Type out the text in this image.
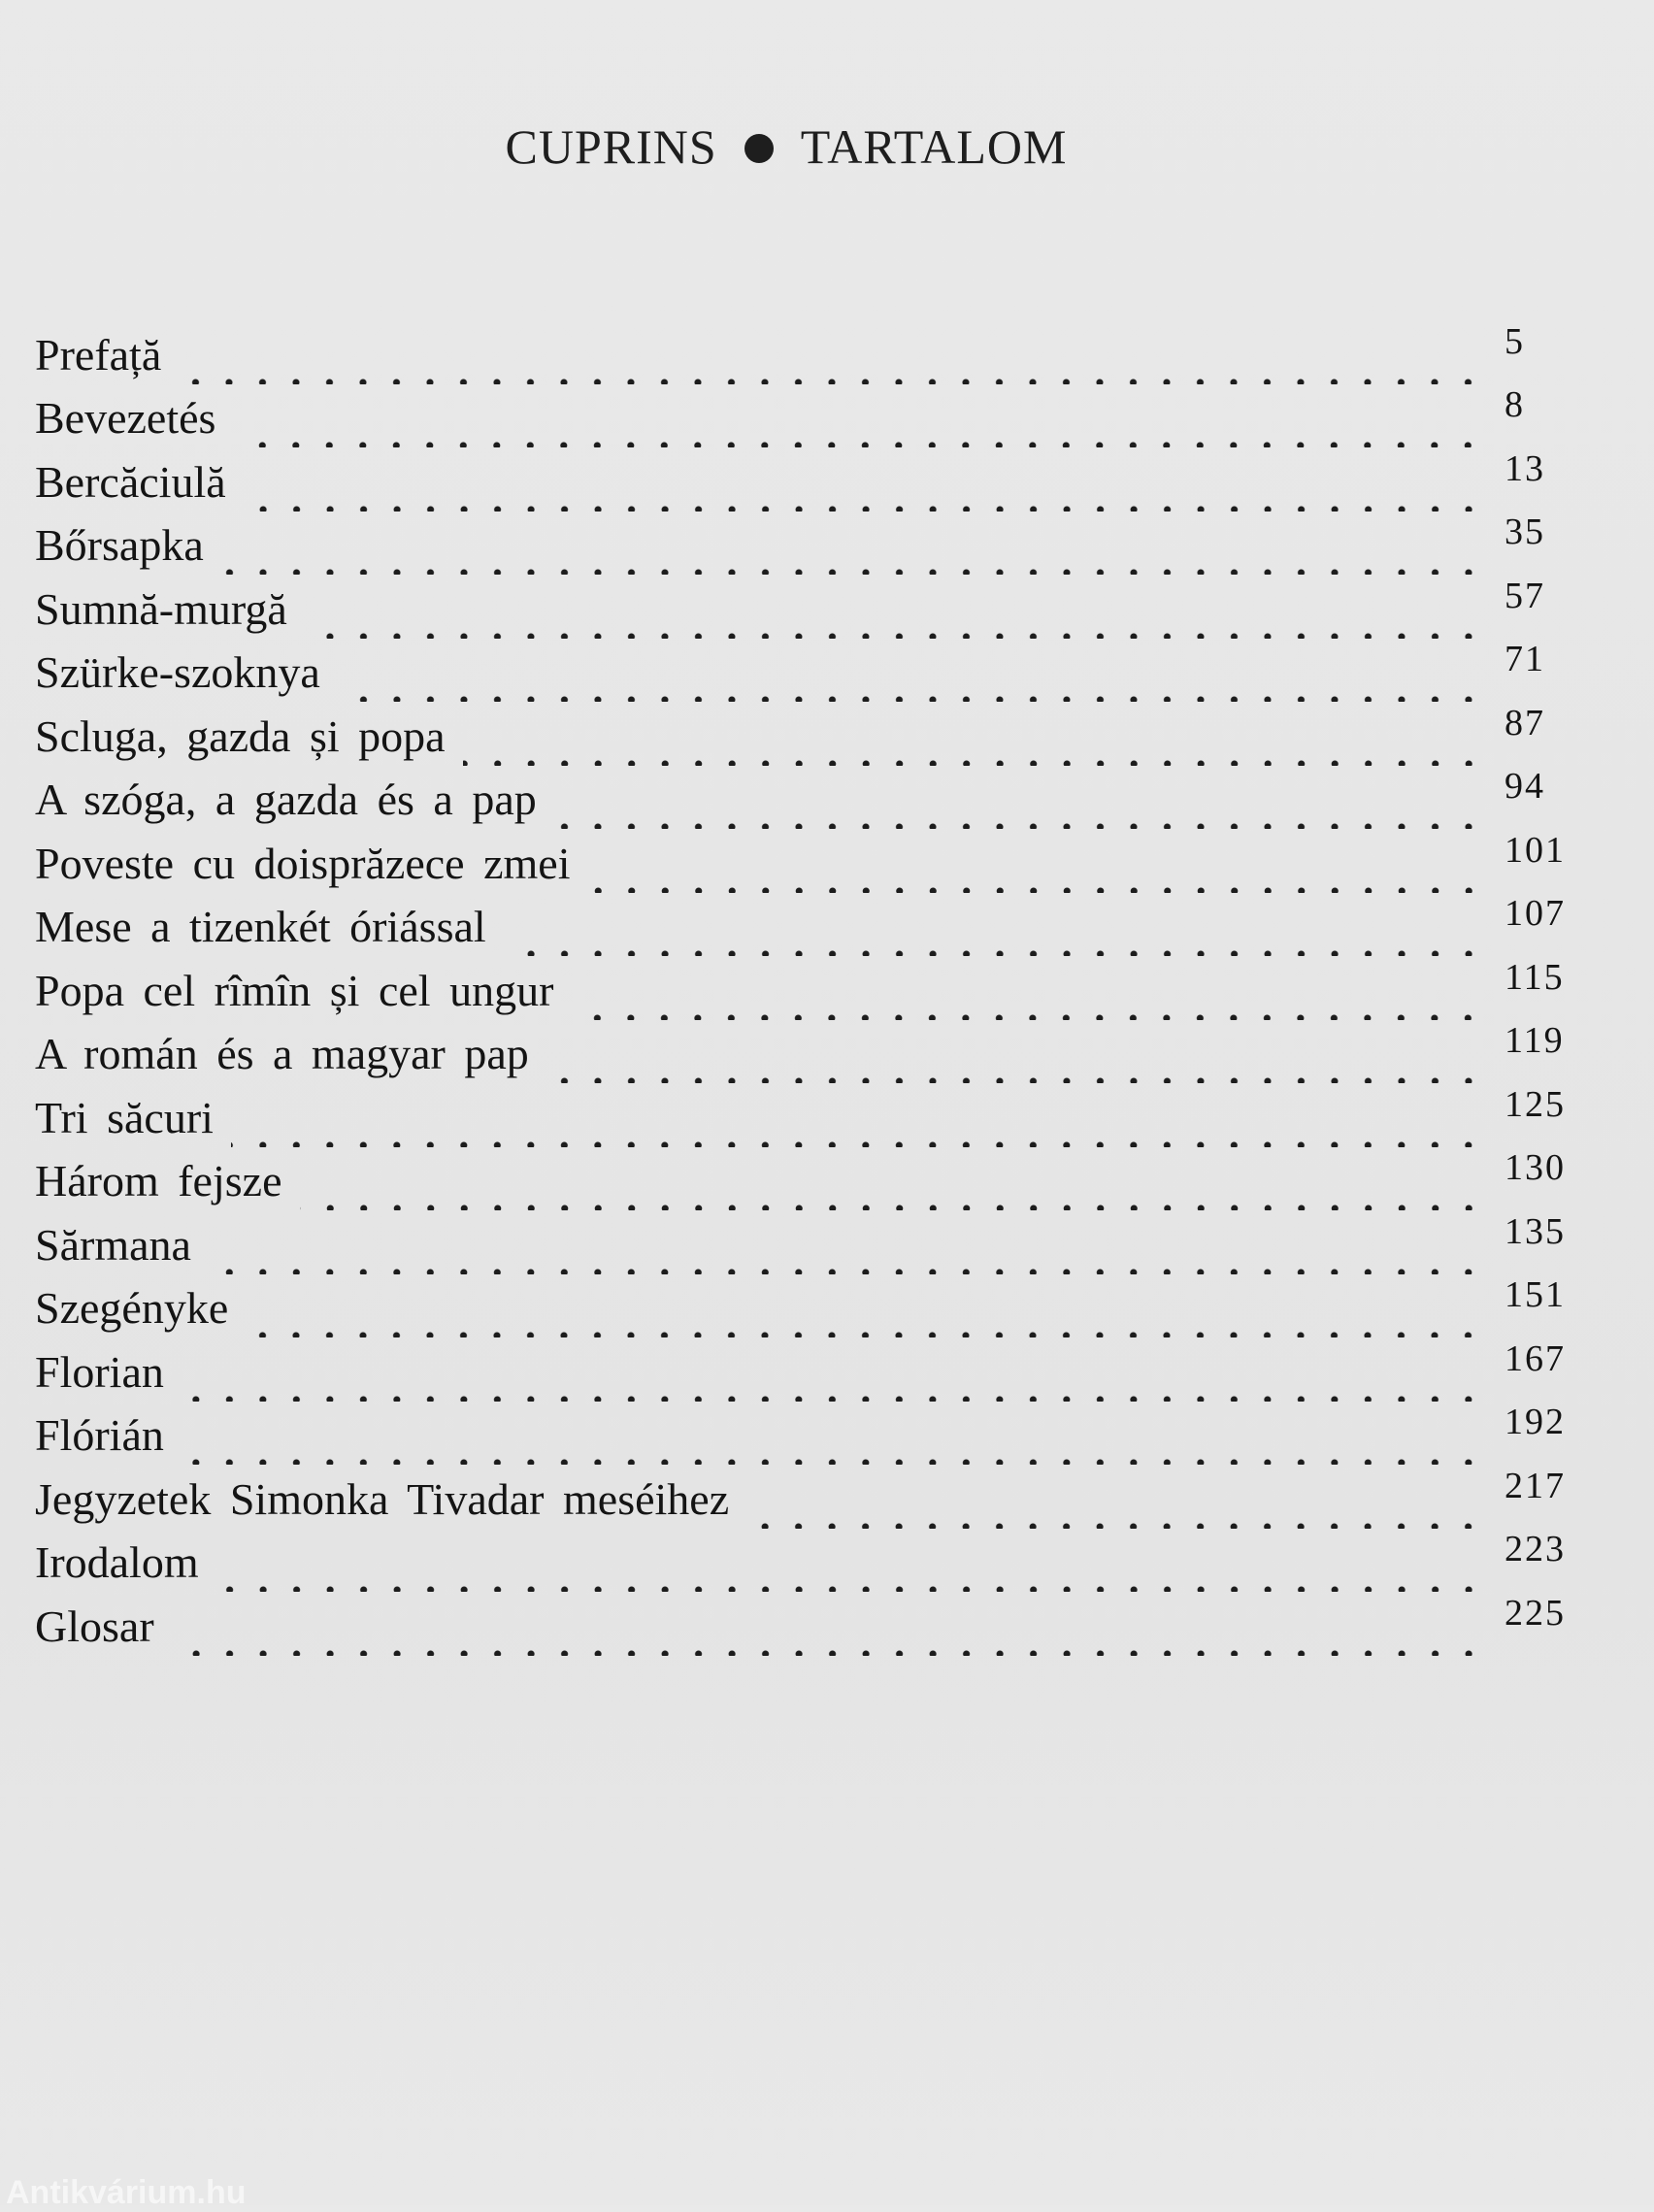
CUPRINS TARTALOM
Prefață	5
Bevezetés	8
Bercăciulă	13
Bőrsapka	35
Sumnă-murgă	57
Szürke-szoknya	71
Scluga, gazda și popa	87
A szóga, a gazda és a pap	94
Poveste cu doisprăzece zmei	101
Mese a tizenkét óriással	107
Popa cel rîmîn și cel ungur	115
A román és a magyar pap	119
Tri săcuri	125
Három fejsze	130
Sărmana	135
Szegényke	151
Florian	167
Flórián	192
Jegyzetek Simonka Tivadar meséihez	217
Irodalom	223
Glosar	225
Antikvárium.hu
